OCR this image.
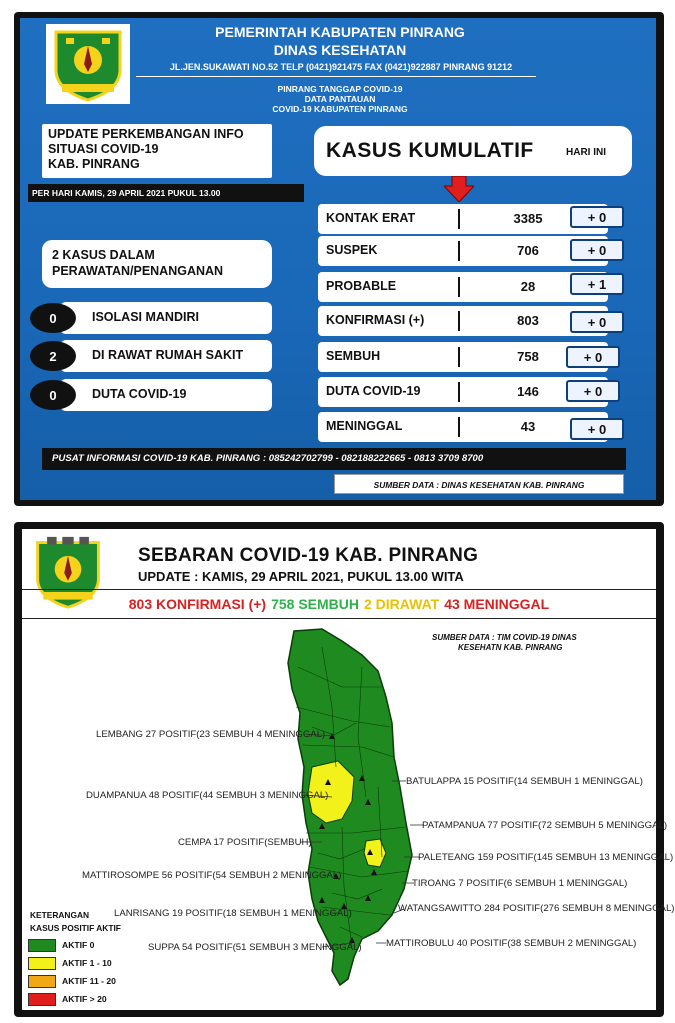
PEMERINTAH KABUPATEN PINRANG
DINAS KESEHATAN
JL.JEN.SUKAWATI NO.52 TELP (0421)921475 FAX (0421)922887 PINRANG 91212
PINRANG TANGGAP COVID-19
DATA PANTAUAN
COVID-19 KABUPATEN PINRANG
UPDATE PERKEMBANGAN INFO
SITUASI COVID-19
KAB. PINRANG
PER HARI KAMIS, 29 APRIL 2021 PUKUL 13.00
2 KASUS DALAM
PERAWATAN/PENANGANAN
ISOLASI MANDIRI
0
DI RAWAT RUMAH SAKIT
2
DUTA COVID-19
0
KASUS KUMULATIF	HARI INI
KONTAK ERAT	3385	+ 0
SUSPEK	706	+ 0
PROBABLE	28	+ 1
KONFIRMASI (+)	803	+ 0
SEMBUH	758	+ 0
DUTA COVID-19	146	+ 0
MENINGGAL	43	+ 0
PUSAT INFORMASI COVID-19 KAB. PINRANG : 085242702799 - 082188222665 - 0813 3709 8700
SUMBER DATA : DINAS KESEHATAN KAB. PINRANG
SEBARAN COVID-19 KAB. PINRANG
UPDATE : KAMIS, 29 APRIL 2021, PUKUL 13.00 WITA
803 KONFIRMASI (+) 758 SEMBUH 2 DIRAWAT 43 MENINGGAL
SUMBER DATA : TIM COVID-19 DINAS
KESEHATN KAB. PINRANG
LEMBANG 27 POSITIF(23 SEMBUH 4 MENINGGAL)
DUAMPANUA 48 POSITIF(44 SEMBUH 3 MENINGGAL)
CEMPA 17 POSITIF(SEMBUH)
MATTIROSOMPE 56 POSITIF(54 SEMBUH 2 MENINGGAL)
LANRISANG 19 POSITIF(18 SEMBUH 1 MENINGGAL)
SUPPA 54 POSITIF(51 SEMBUH 3 MENINGGAL)
BATULAPPA 15 POSITIF(14 SEMBUH 1 MENINGGAL)
PATAMPANUA 77 POSITIF(72 SEMBUH 5 MENINGGAL)
PALETEANG 159 POSITIF(145 SEMBUH 13 MENINGGAL)
TIROANG 7 POSITIF(6 SEMBUH 1 MENINGGAL)
WATANGSAWITTO 284 POSITIF(276 SEMBUH 8 MENINGGAL)
MATTIROBULU 40 POSITIF(38 SEMBUH 2 MENINGGAL)
KETERANGAN
KASUS POSITIF AKTIF
AKTIF 0
AKTIF 1 - 10
AKTIF 11 - 20
AKTIF > 20
